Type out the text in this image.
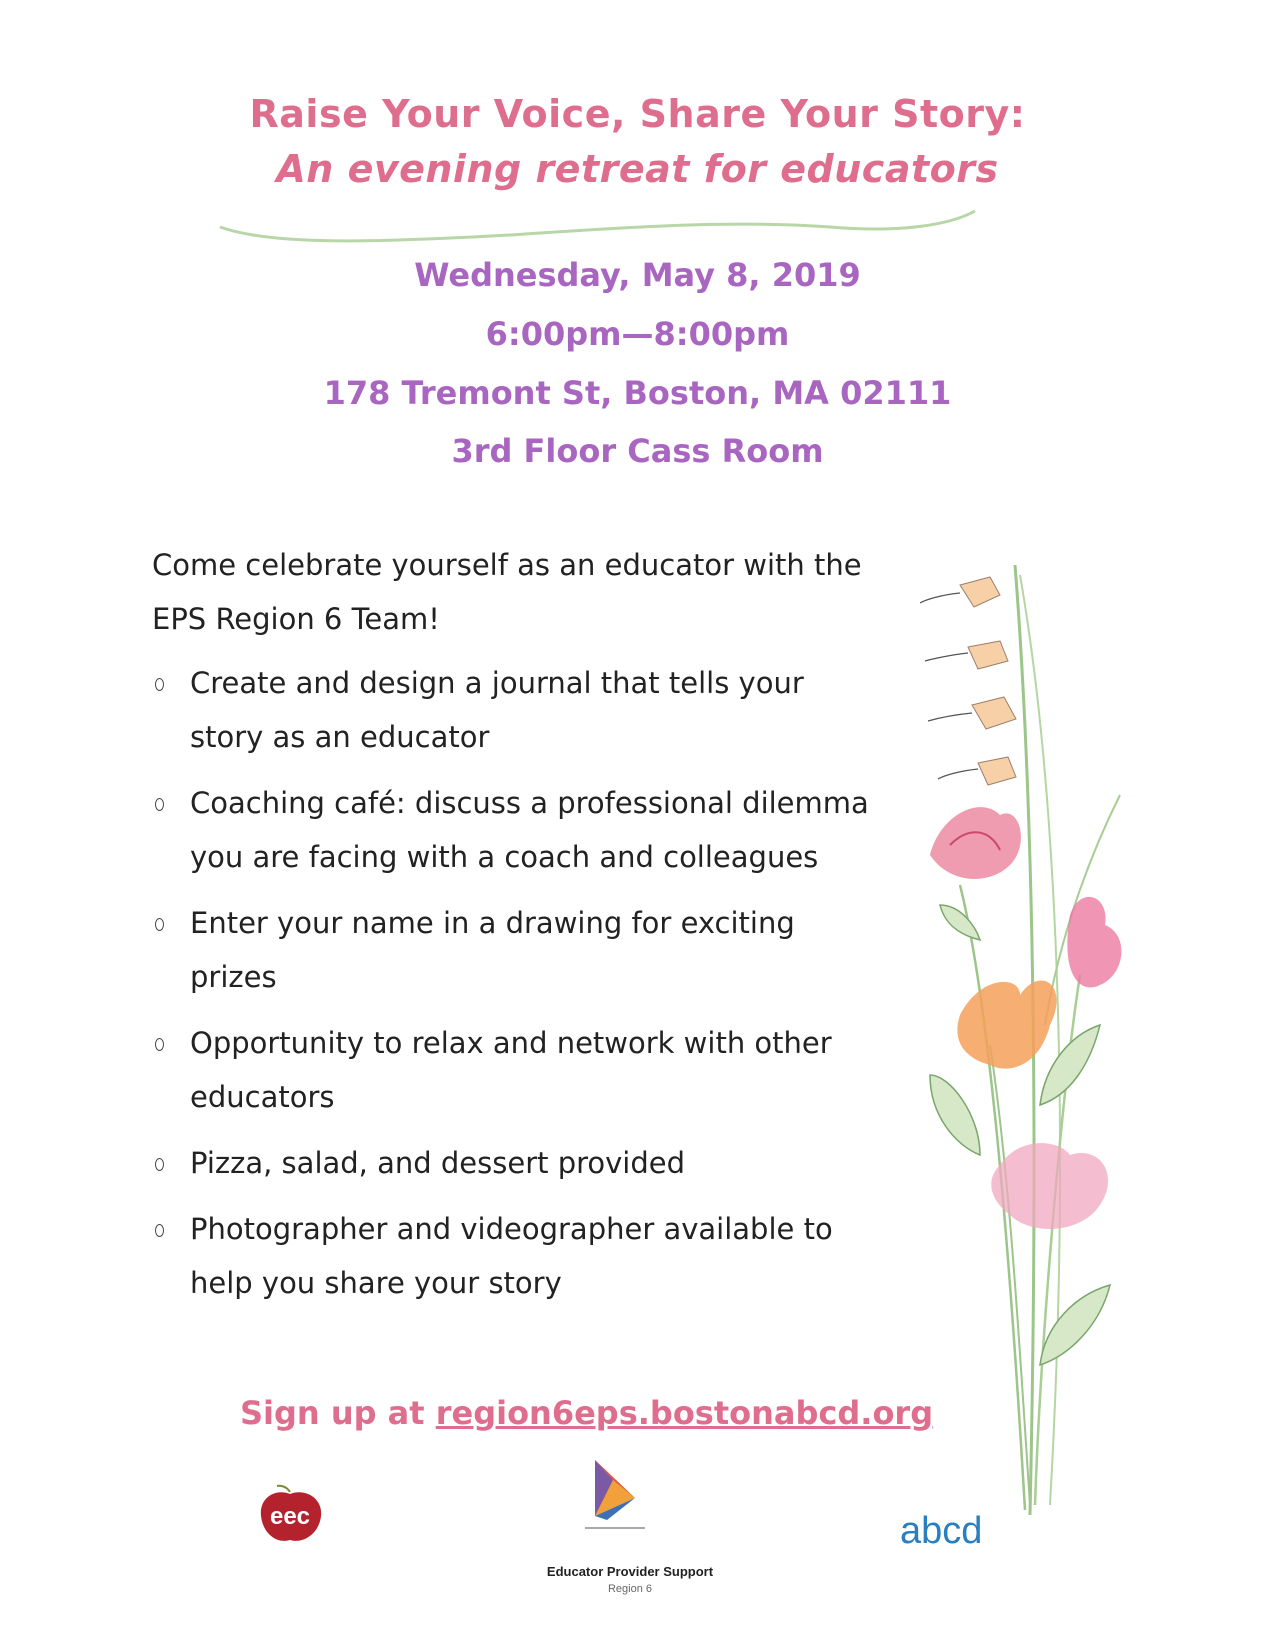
Raise Your Voice, Share Your Story:
An evening retreat for educators
Wednesday, May 8, 2019
6:00pm—8:00pm
178 Tremont St, Boston, MA 02111
3rd Floor Cass Room
Come celebrate yourself as an educator with the EPS Region 6 Team!
Create and design a journal that tells your story as an educator
Coaching café: discuss a professional dilemma you are facing with a coach and colleagues
Enter your name in a drawing for exciting prizes
Opportunity to relax and network with other educators
Pizza, salad, and dessert provided
Photographer and videographer available to help you share your story
Sign up at region6eps.bostonabcd.org
eec
Educator Provider Support
Region 6
abcd
